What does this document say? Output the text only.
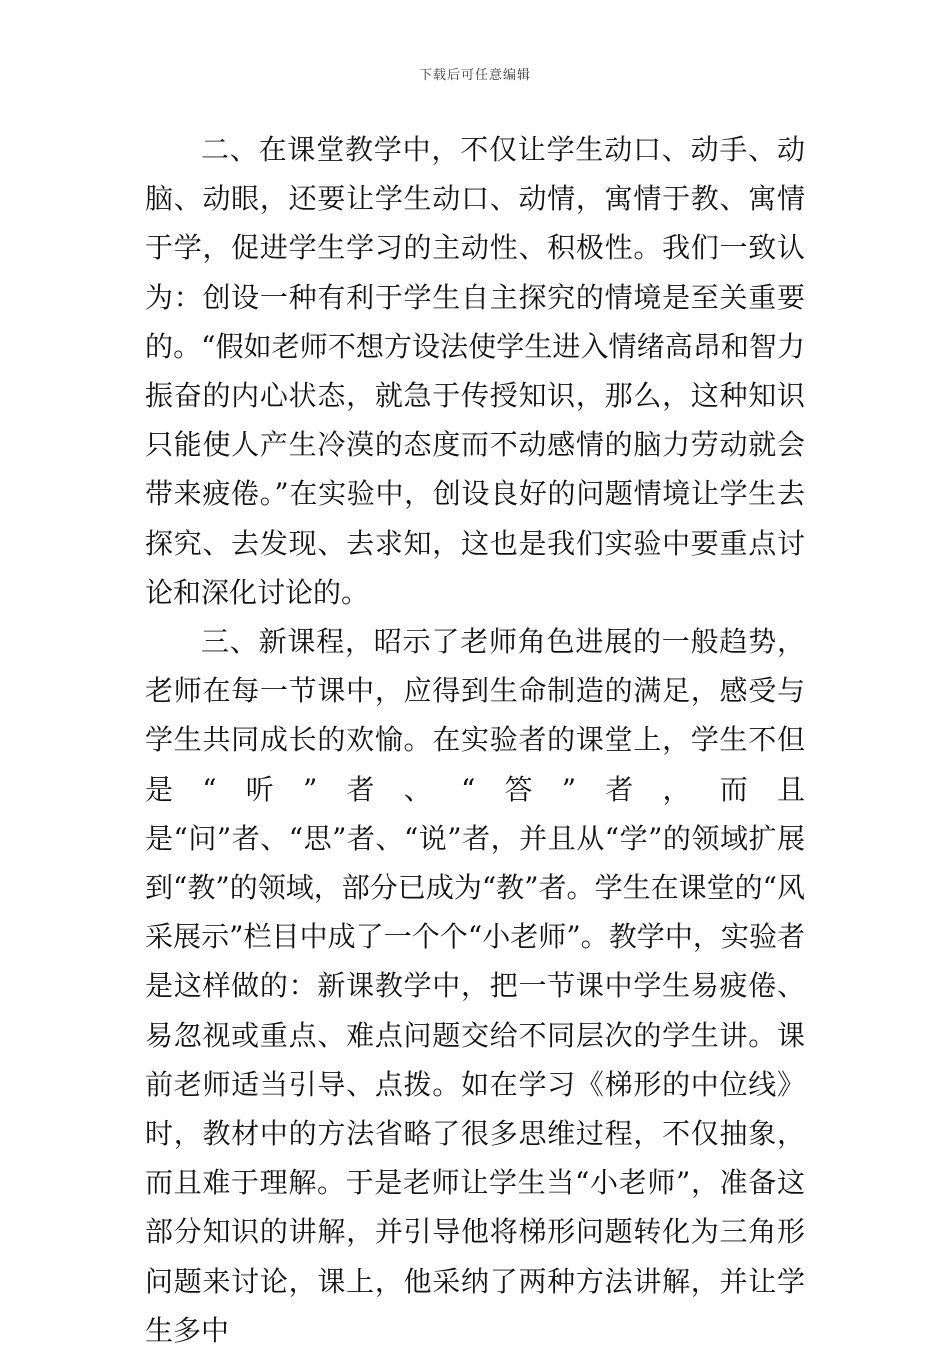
下载后可任意编辑

二、在课堂教学中，不仅让学生动口、动手、动脑、动眼，还要让学生动口、动情，寓情于教、寓情于学，促进学生学习的主动性、积极性。我们一致认为：创设一种有利于学生自主探究的情境是至关重要的。“假如老师不想方设法使学生进入情绪高昂和智力振奋的内心状态，就急于传授知识，那么，这种知识只能使人产生冷漠的态度而不动感情的脑力劳动就会带来疲倦。”在实验中，创设良好的问题情境让学生去探究、去发现、去求知，这也是我们实验中要重点讨论和深化讨论的。

三、新课程，昭示了老师角色进展的一般趋势，老师在每一节课中，应得到生命制造的满足，感受与学生共同成长的欢愉。在实验者的课堂上，学生不但是“听”者、“答”者，而且是“问”者、“思”者、“说”者，并且从“学”的领域扩展到“教”的领域，部分已成为“教”者。学生在课堂的“风采展示”栏目中成了一个个“小老师”。教学中，实验者是这样做的：新课教学中，把一节课中学生易疲倦、易忽视或重点、难点问题交给不同层次的学生讲。课前老师适当引导、点拨。如在学习《梯形的中位线》时，教材中的方法省略了很多思维过程，不仅抽象，而且难于理解。于是老师让学生当“小老师”，准备这部分知识的讲解，并引导他将梯形问题转化为三角形问题来讨论，课上，他采纳了两种方法讲解，并让学生多中
